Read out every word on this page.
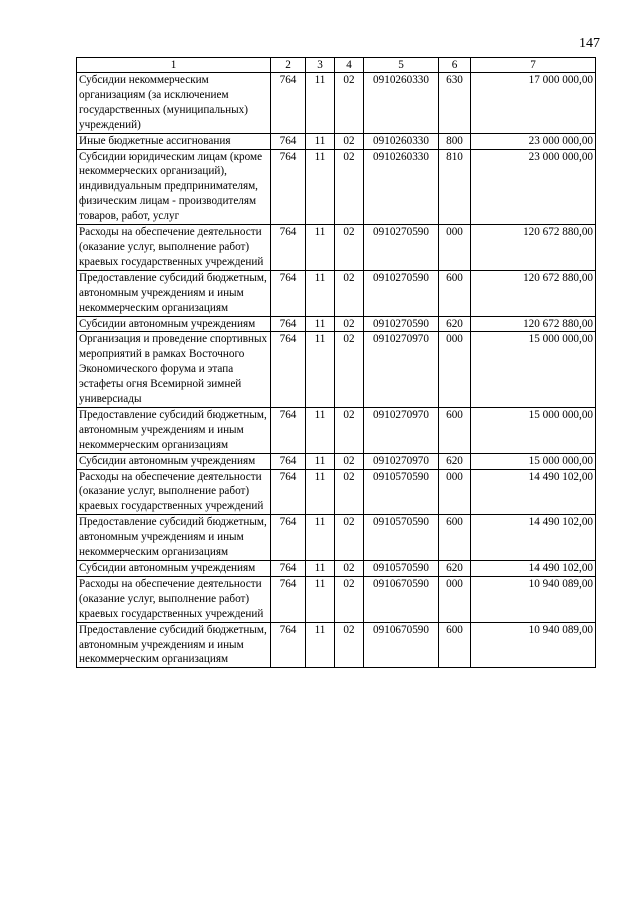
147
1	2	3	4	5	6	7
Субсидии некоммерческим организациям (за исключением государственных (муниципальных) учреждений)	764	11	02	0910260330	630	17 000 000,00
Иные бюджетные ассигнования	764	11	02	0910260330	800	23 000 000,00
Субсидии юридическим лицам (кроме некоммерческих организаций), индивидуальным предпринимателям, физическим лицам - производителям товаров, работ, услуг	764	11	02	0910260330	810	23 000 000,00
Расходы на обеспечение деятельности (оказание услуг, выполнение работ) краевых государственных учреждений	764	11	02	0910270590	000	120 672 880,00
Предоставление субсидий бюджетным, автономным учреждениям и иным некоммерческим организациям	764	11	02	0910270590	600	120 672 880,00
Субсидии автономным учреждениям	764	11	02	0910270590	620	120 672 880,00
Организация и проведение спортивных мероприятий в рамках Восточного Экономического форума и этапа эстафеты огня Всемирной зимней универсиады	764	11	02	0910270970	000	15 000 000,00
Предоставление субсидий бюджетным, автономным учреждениям и иным некоммерческим организациям	764	11	02	0910270970	600	15 000 000,00
Субсидии автономным учреждениям	764	11	02	0910270970	620	15 000 000,00
Расходы на обеспечение деятельности (оказание услуг, выполнение работ) краевых государственных учреждений	764	11	02	0910570590	000	14 490 102,00
Предоставление субсидий бюджетным, автономным учреждениям и иным некоммерческим организациям	764	11	02	0910570590	600	14 490 102,00
Субсидии автономным учреждениям	764	11	02	0910570590	620	14 490 102,00
Расходы на обеспечение деятельности (оказание услуг, выполнение работ) краевых государственных учреждений	764	11	02	0910670590	000	10 940 089,00
Предоставление субсидий бюджетным, автономным учреждениям и иным некоммерческим организациям	764	11	02	0910670590	600	10 940 089,00
